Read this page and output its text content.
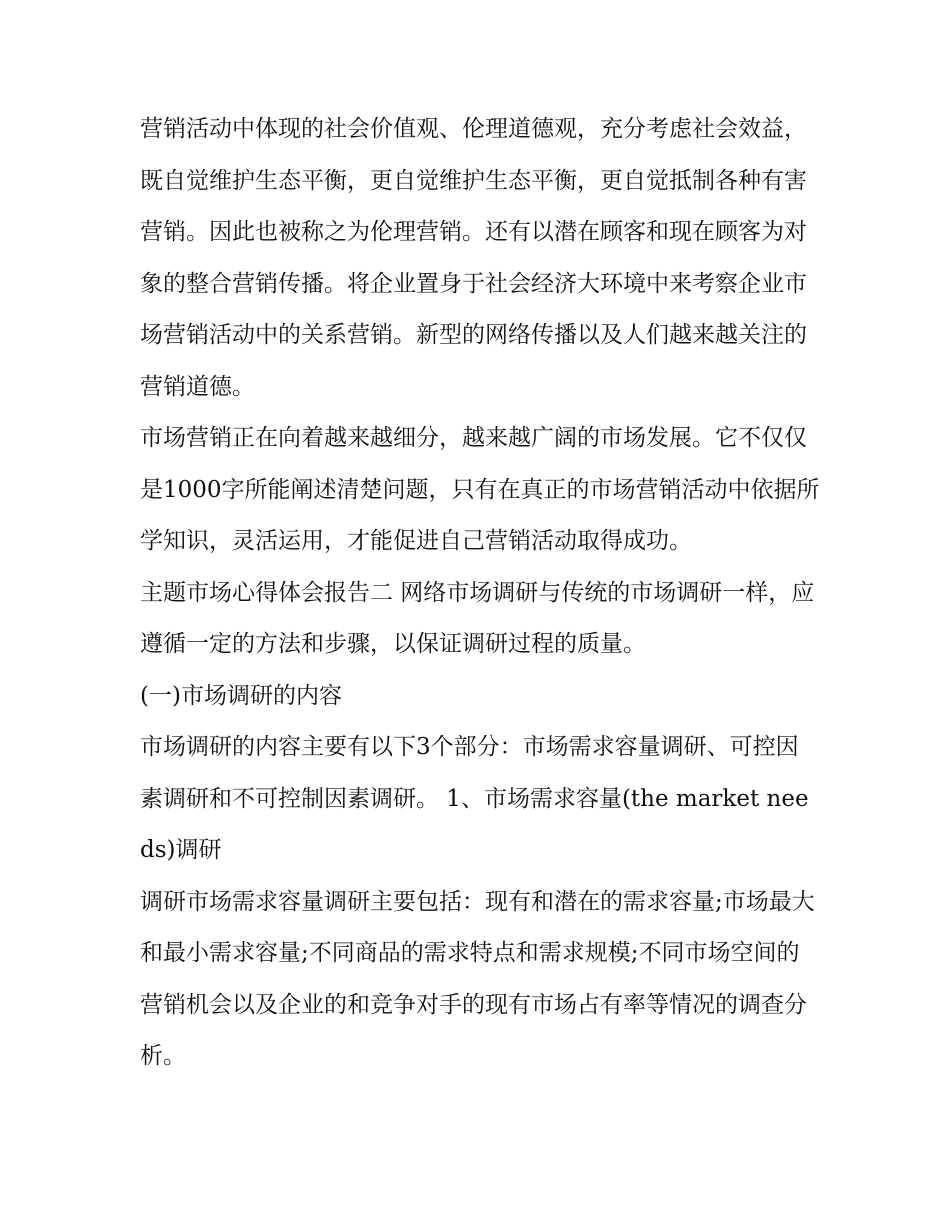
营销活动中体现的社会价值观、伦理道德观，充分考虑社会效益，既自觉维护生态平衡，更自觉维护生态平衡，更自觉抵制各种有害营销。因此也被称之为伦理营销。还有以潜在顾客和现在顾客为对象的整合营销传播。将企业置身于社会经济大环境中来考察企业市场营销活动中的关系营销。新型的网络传播以及人们越来越关注的营销道德。

市场营销正在向着越来越细分，越来越广阔的市场发展。它不仅仅是1000字所能阐述清楚问题，只有在真正的市场营销活动中依据所学知识，灵活运用，才能促进自己营销活动取得成功。

主题市场心得体会报告二 网络市场调研与传统的市场调研一样，应遵循一定的方法和步骤，以保证调研过程的质量。

(一)市场调研的内容

市场调研的内容主要有以下3个部分：市场需求容量调研、可控因素调研和不可控制因素调研。 1、市场需求容量(the market needs)调研

调研市场需求容量调研主要包括：现有和潜在的需求容量;市场最大和最小需求容量;不同商品的需求特点和需求规模;不同市场空间的营销机会以及企业的和竞争对手的现有市场占有率等情况的调查分析。
